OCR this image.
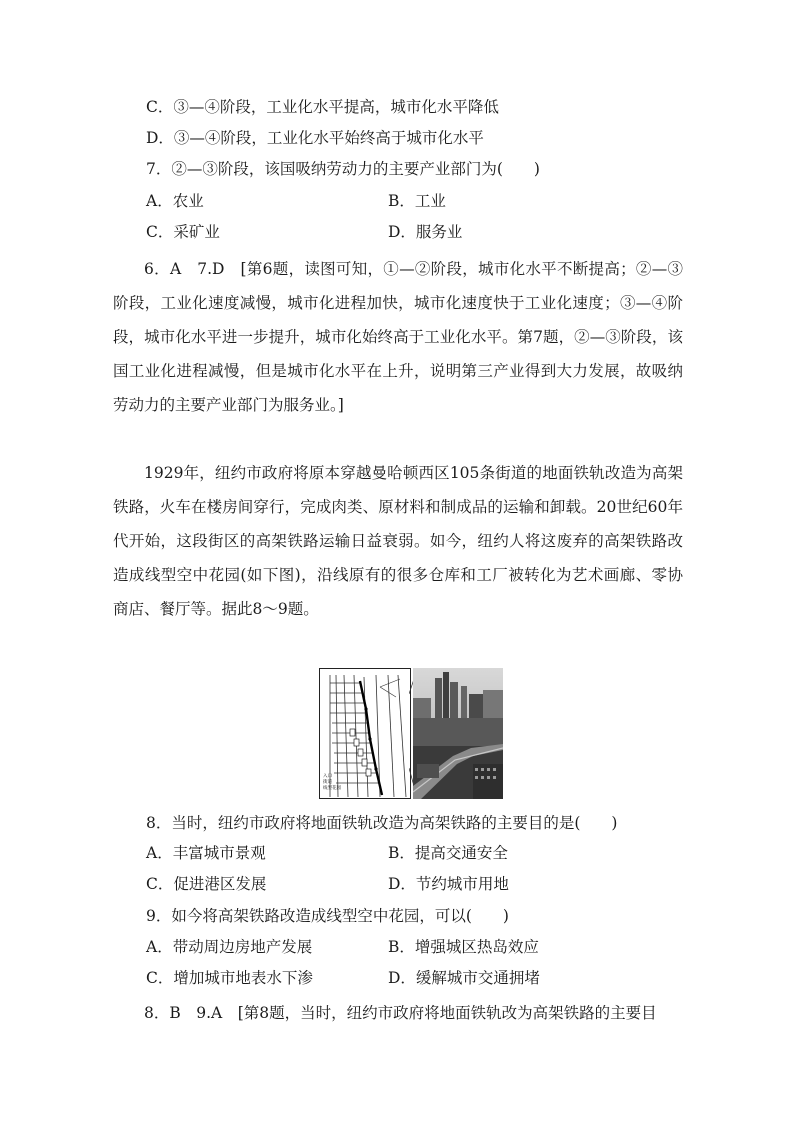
C．③—④阶段，工业化水平提高，城市化水平降低
D．③—④阶段，工业化水平始终高于城市化水平
7．②—③阶段，该国吸纳劳动力的主要产业部门为(　　)
A．农业	B．工业
C．采矿业	D．服务业
6．A　7.D　[第6题，读图可知，①—②阶段，城市化水平不断提高；②—③阶段，工业化速度减慢，城市化进程加快，城市化速度快于工业化速度；③—④阶段，城市化水平进一步提升，城市化始终高于工业化水平。第7题，②—③阶段，该国工业化进程减慢，但是城市化水平在上升，说明第三产业得到大力发展，故吸纳劳动力的主要产业部门为服务业。]
1929年，纽约市政府将原本穿越曼哈顿西区105条街道的地面铁轨改造为高架铁路，火车在楼房间穿行，完成肉类、原材料和制成品的运输和卸载。20世纪60年代开始，这段街区的高架铁路运输日益衰弱。如今，纽约人将这废弃的高架铁路改造成线型空中花园(如下图)，沿线原有的很多仓库和工厂被转化为艺术画廊、零协商店、餐厅等。据此8～9题。
入口
街道
线型花园
8．当时，纽约市政府将地面铁轨改造为高架铁路的主要目的是(　　)
A．丰富城市景观	B．提高交通安全
C．促进港区发展	D．节约城市用地
9．如今将高架铁路改造成线型空中花园，可以(　　)
A．带动周边房地产发展	B．增强城区热岛效应
C．增加城市地表水下渗	D．缓解城市交通拥堵
8．B　9.A　[第8题，当时，纽约市政府将地面铁轨改为高架铁路的主要目
